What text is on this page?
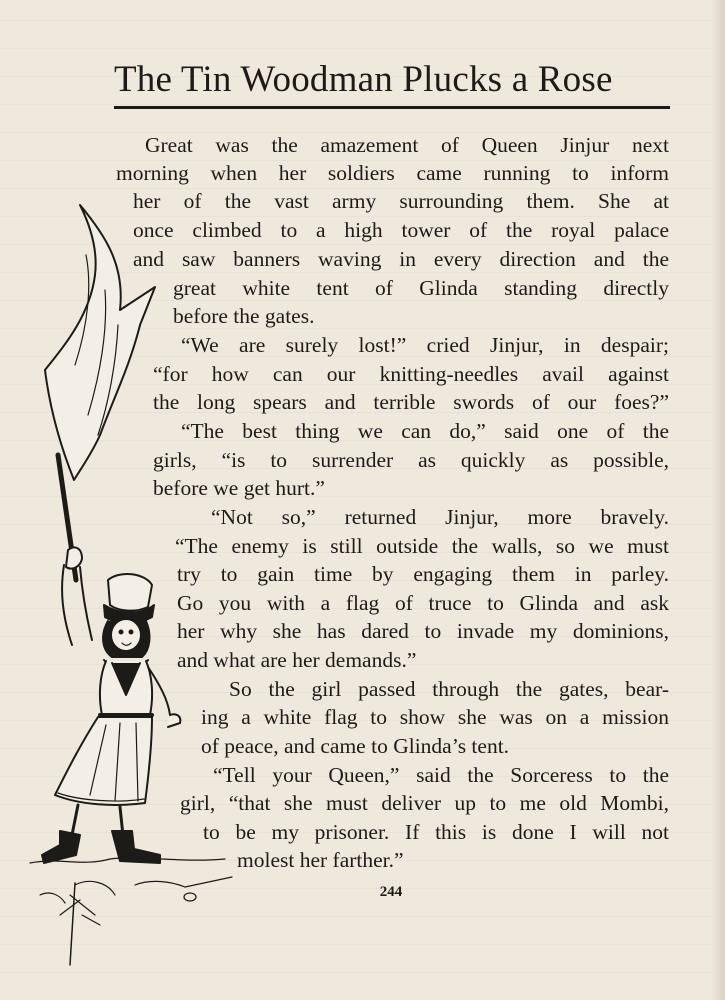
The Tin Woodman Plucks a Rose
Great was the amazement of Queen Jinjur next
morning when her soldiers came running to inform
her of the vast army surrounding them. She at
once climbed to a high tower of the royal palace
and saw banners waving in every direction and the
great white tent of Glinda standing directly
before the gates.
“We are surely lost!” cried Jinjur, in despair;
“for how can our knitting-needles avail against
the long spears and terrible swords of our foes?”
“The best thing we can do,” said one of the
girls, “is to surrender as quickly as possible,
before we get hurt.”
“Not so,” returned Jinjur, more bravely.
“The enemy is still outside the walls, so we must
try to gain time by engaging them in parley.
Go you with a flag of truce to Glinda and ask
her why she has dared to invade my dominions,
and what are her demands.”
So the girl passed through the gates, bear-
ing a white flag to show she was on a mission
of peace, and came to Glinda’s tent.
“Tell your Queen,” said the Sorceress to the
girl, “that she must deliver up to me old Mombi,
to be my prisoner. If this is done I will not
molest her farther.”
244
